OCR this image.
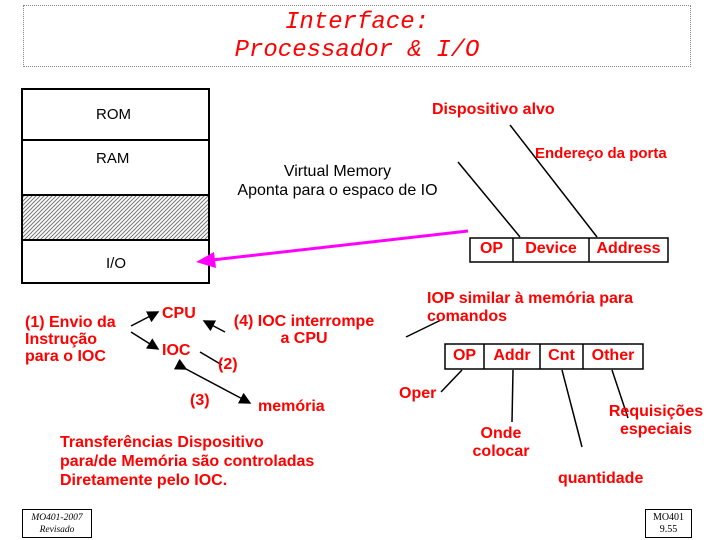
Interface:
Processador & I/O
ROM
RAM
I/O
Dispositivo alvo
Endereço da porta
Virtual Memory
Aponta para o espaco de IO
OP	Device	Address
(1) Envio da
Instrução
para o IOC
CPU
IOC
(3)
(2)
(4) IOC interrompe
a CPU
memória
Transferências Dispositivo
para/de Memória são controladas
Diretamente pelo IOC.
IOP similar à memória para
comandos
OP	Addr	Cnt	Other
Oper
Onde
colocar
Requisições
especiais
quantidade
MO401-2007
Revisado
MO401
9.55
